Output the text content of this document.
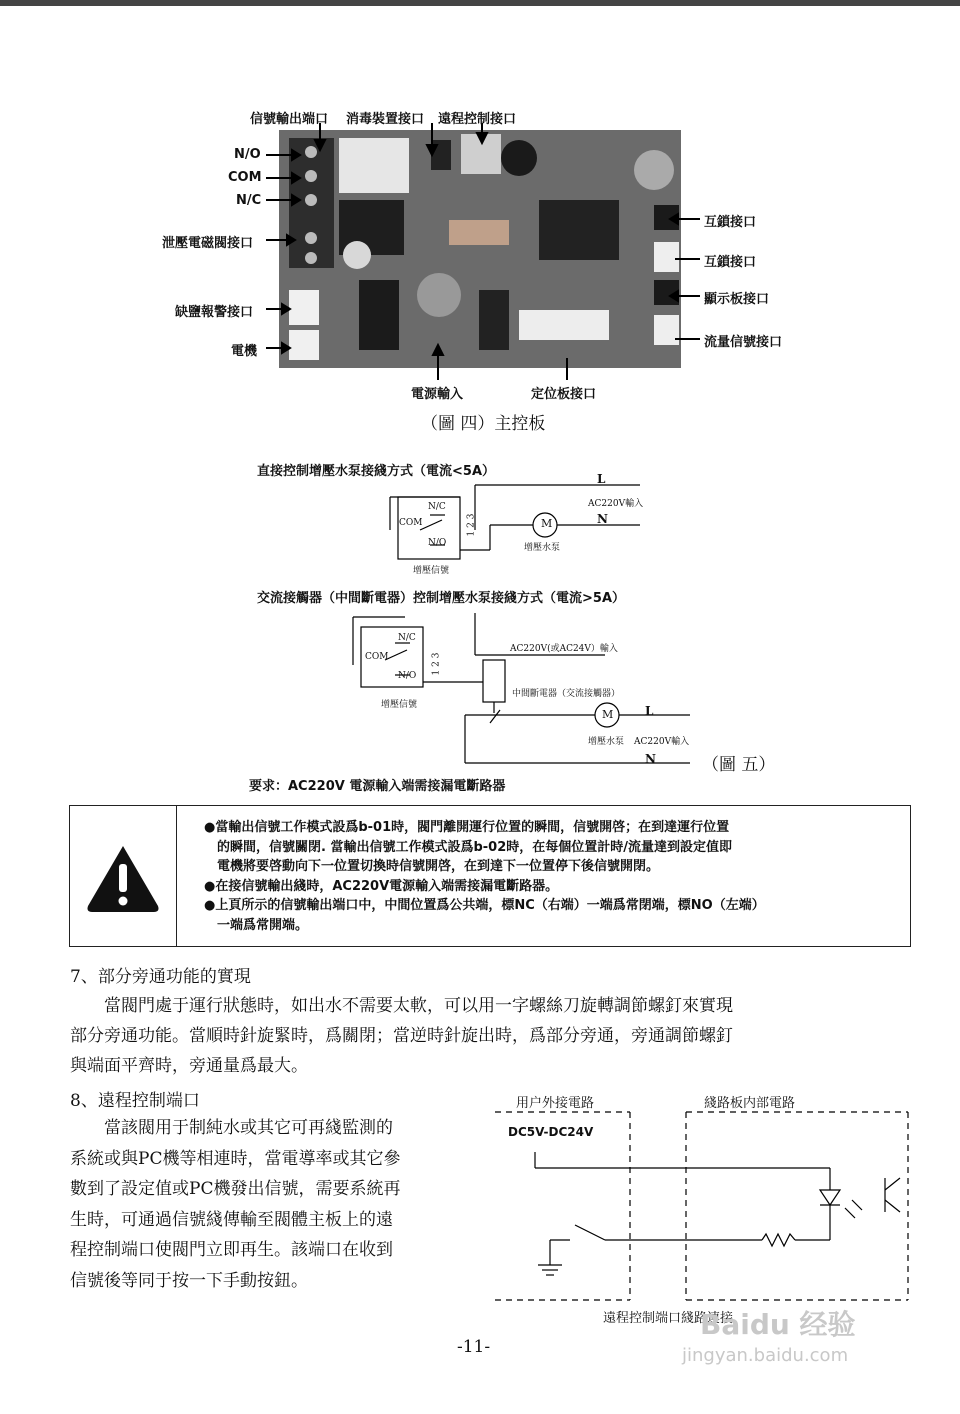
信號輸出端口 消毒裝置接口 遠程控制接口
N/O
COM
N/C
泄壓電磁閥接口
缺鹽報警接口
電機
互鎖接口
互鎖接口
顯示板接口
流量信號接口
電源輸入	定位板接口
（圖 四）主控板
直接控制增壓水泵接綫方式（電流<5A）	L
AC220V輸入
N
N/C
COM
N/O
1 2 3	M
增壓水泵
增壓信號
交流接觸器（中間斷電器）控制增壓水泵接綫方式（電流>5A）
AC220V(或AC24V）輸入
N/C
COM
N/O
1 2 3
中間斷電器（交流接觸器）
L
M
增壓水泵 AC220V輸入
N
增壓信號
（圖 五）
要求：AC220V 電源輸入端需接漏電斷路器
●當輸出信號工作模式設爲b-01時，閥門離開運行位置的瞬間，信號開啓；在到達運行位置
　的瞬間，信號關閉. 當輸出信號工作模式設爲b-02時，在每個位置計時/流量達到設定值即
　電機將要啓動向下一位置切換時信號開啓，在到達下一位置停下後信號開閉。
●在接信號輸出綫時，AC220V電源輸入端需接漏電斷路器。
●上頁所示的信號輸出端口中，中間位置爲公共端，標NC（右端）一端爲常閉端，標NO（左端）
　一端爲常開端。
7、部分旁通功能的實現
　　當閥門處于運行狀態時，如出水不需要太軟，可以用一字螺絲刀旋轉調節螺釘來實現
部分旁通功能。當順時針旋緊時，爲關閉；當逆時針旋出時，爲部分旁通，旁通調節螺釘
與端面平齊時，旁通量爲最大。
8、遠程控制端口
　　當該閥用于制純水或其它可再綫監測的
系統或與PC機等相連時，當電導率或其它參
數到了設定值或PC機發出信號，需要系統再
生時，可通過信號綫傳輸至閥體主板上的遠
程控制端口使閥門立即再生。該端口在收到
信號後等同于按一下手動按鈕。
用户外接電路	綫路板内部電路
DC5V-DC24V
遠程控制端口綫路連接
-11-
Baidu 经验
jingyan.baidu.com
